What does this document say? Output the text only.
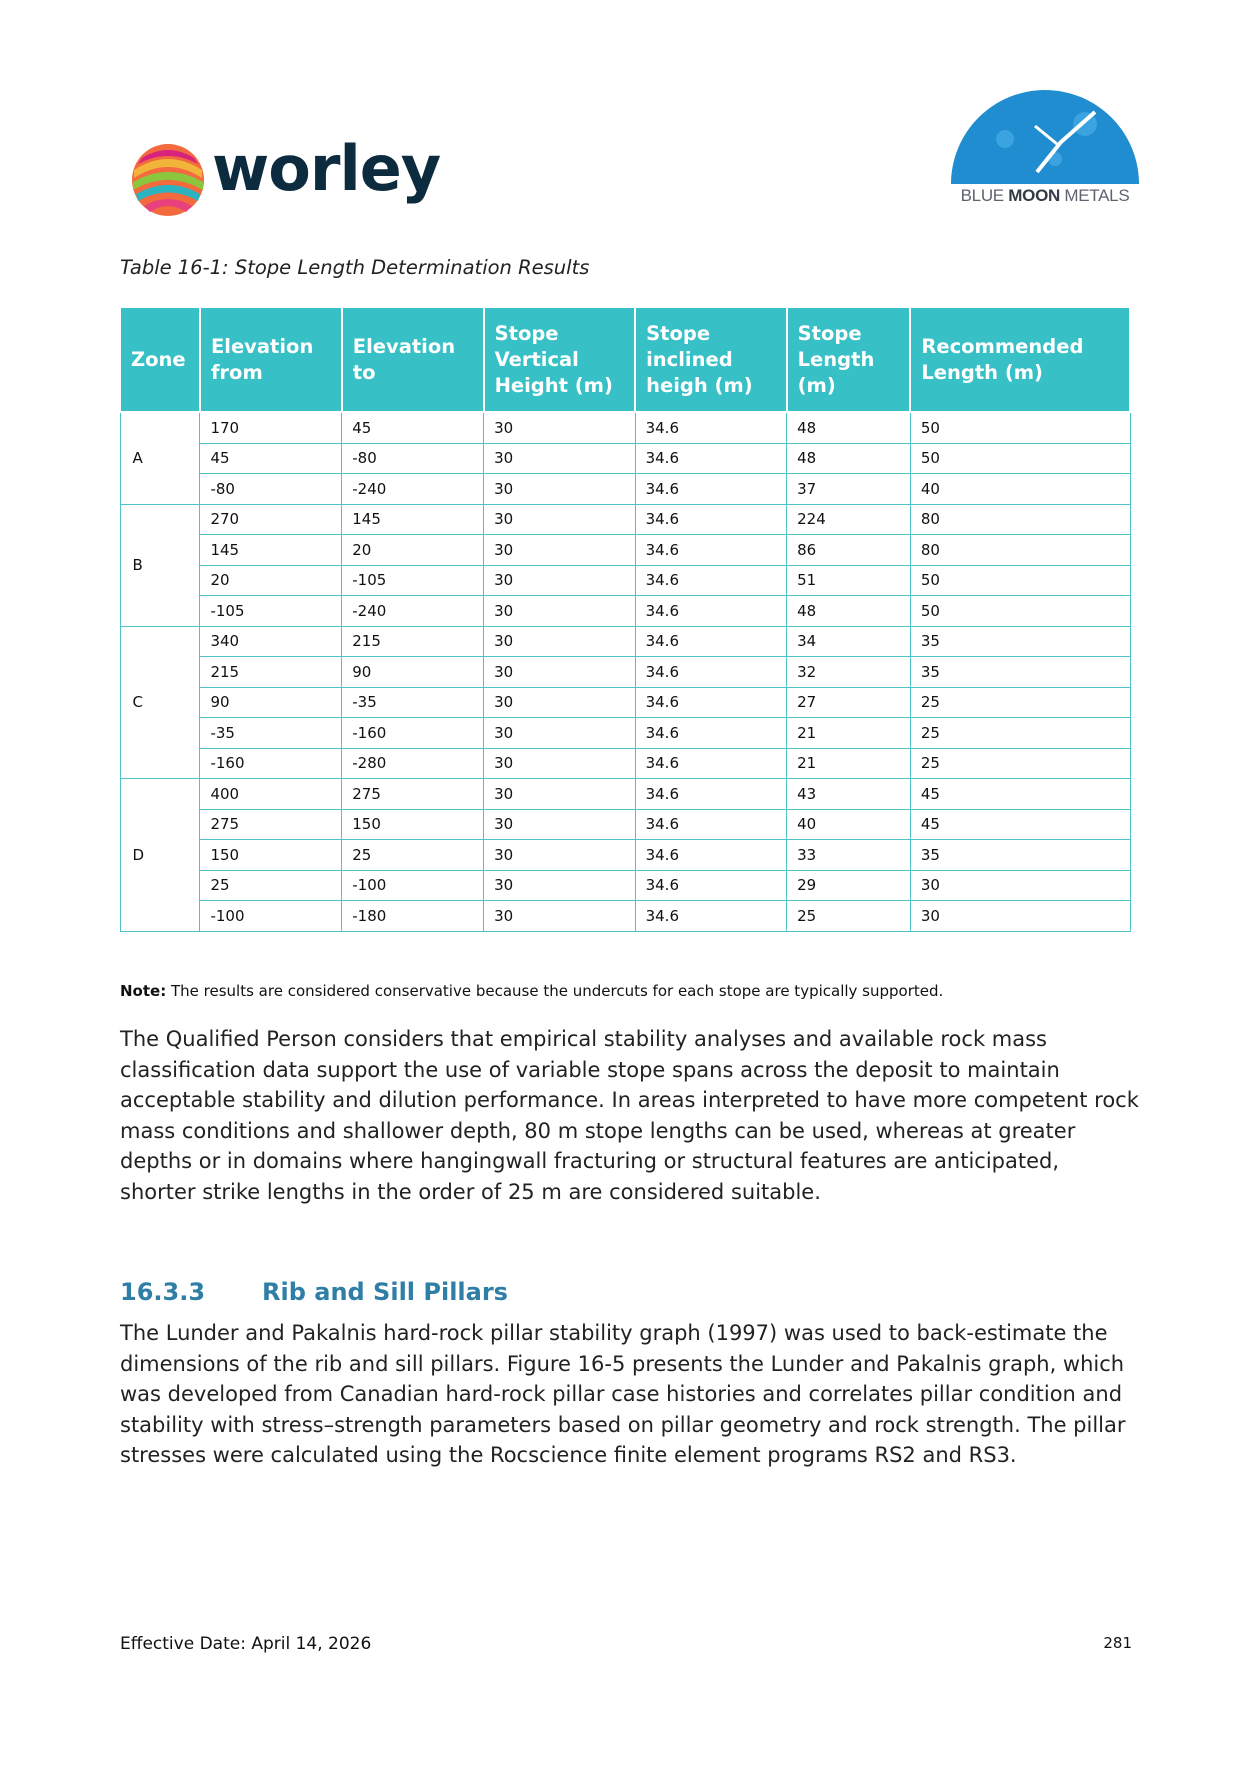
worley	BLUE MOON METALS
Table 16-1: Stope Length Determination Results
Zone	Elevation from	Elevation to	Stope Vertical Height (m)	Stope inclined heigh (m)	Stope Length (m)	Recommended Length (m)
A	170	45	30	34.6	48	50
	45	-80	30	34.6	48	50
	-80	-240	30	34.6	37	40
B	270	145	30	34.6	224	80
	145	20	30	34.6	86	80
	20	-105	30	34.6	51	50
	-105	-240	30	34.6	48	50
C	340	215	30	34.6	34	35
	215	90	30	34.6	32	35
	90	-35	30	34.6	27	25
	-35	-160	30	34.6	21	25
	-160	-280	30	34.6	21	25
D	400	275	30	34.6	43	45
	275	150	30	34.6	40	45
	150	25	30	34.6	33	35
	25	-100	30	34.6	29	30
	-100	-180	30	34.6	25	30
Note: The results are considered conservative because the undercuts for each stope are typically supported.

The Qualified Person considers that empirical stability analyses and available rock mass classification data support the use of variable stope spans across the deposit to maintain acceptable stability and dilution performance. In areas interpreted to have more competent rock mass conditions and shallower depth, 80 m stope lengths can be used, whereas at greater depths or in domains where hangingwall fracturing or structural features are anticipated, shorter strike lengths in the order of 25 m are considered suitable.

16.3.3 Rib and Sill Pillars

The Lunder and Pakalnis hard-rock pillar stability graph (1997) was used to back-estimate the dimensions of the rib and sill pillars. Figure 16-5 presents the Lunder and Pakalnis graph, which was developed from Canadian hard-rock pillar case histories and correlates pillar condition and stability with stress–strength parameters based on pillar geometry and rock strength. The pillar stresses were calculated using the Rocscience finite element programs RS2 and RS3.

Effective Date: April 14, 2026	281
